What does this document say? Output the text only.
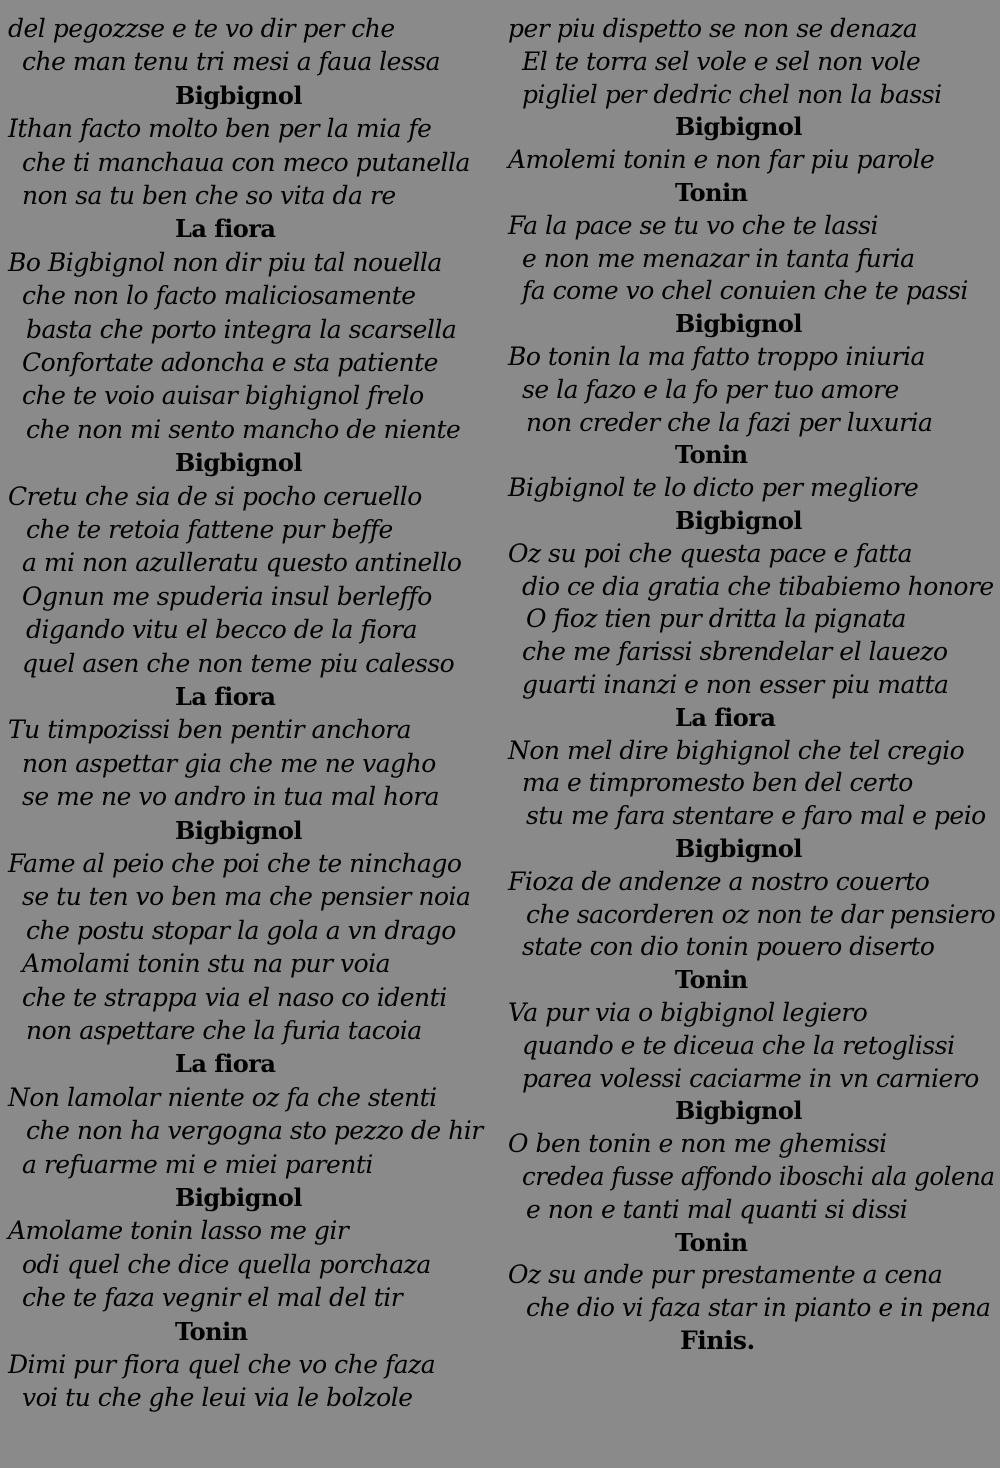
del pegozzse e te vo dir per che
che man tenu tri mesi a faua lessa
Bigbignol
Ithan facto molto ben per la mia fe
che ti manchaua con meco putanella
non sa tu ben che so vita da re
La fiora
Bo Bigbignol non dir piu tal nouella
che non lo facto maliciosamente
basta che porto integra la scarsella
Confortate adoncha e sta patiente
che te voio auisar bighignol frelo
che non mi sento mancho de niente
Bigbignol
Cretu che sia de si pocho ceruello
che te retoia fattene pur beffe
a mi non azulleratu questo antinello
Ognun me spuderia insul berleffo
digando vitu el becco de la fiora
quel asen che non teme piu calesso
La fiora
Tu timpozissi ben pentir anchora
non aspettar gia che me ne vagho
se me ne vo andro in tua mal hora
Bigbignol
Fame al peio che poi che te ninchago
se tu ten vo ben ma che pensier noia
che postu stopar la gola a vn drago
Amolami tonin stu na pur voia
che te strappa via el naso co identi
non aspettare che la furia tacoia
La fiora
Non lamolar niente oz fa che stenti
che non ha vergogna sto pezzo de hir
a refuarme mi e miei parenti
Bigbignol
Amolame tonin lasso me gir
odi quel che dice quella porchaza
che te faza vegnir el mal del tir
Tonin
Dimi pur fiora quel che vo che faza
voi tu che ghe leui via le bolzole
per piu dispetto se non se denaza
El te torra sel vole e sel non vole
pigliel per dedric chel non la bassi
Bigbignol
Amolemi tonin e non far piu parole
Tonin
Fa la pace se tu vo che te lassi
e non me menazar in tanta furia
fa come vo chel conuien che te passi
Bigbignol
Bo tonin la ma fatto troppo iniuria
se la fazo e la fo per tuo amore
non creder che la fazi per luxuria
Tonin
Bigbignol te lo dicto per megliore
Bigbignol
Oz su poi che questa pace e fatta
dio ce dia gratia che tibabiemo honore
O fioz tien pur dritta la pignata
che me farissi sbrendelar el lauezo
guarti inanzi e non esser piu matta
La fiora
Non mel dire bighignol che tel cregio
ma e timpromesto ben del certo
stu me fara stentare e faro mal e peio
Bigbignol
Fioza de andenze a nostro couerto
che sacorderen oz non te dar pensiero
state con dio tonin pouero diserto
Tonin
Va pur via o bigbignol legiero
quando e te diceua che la retoglissi
parea volessi caciarme in vn carniero
Bigbignol
O ben tonin e non me ghemissi
credea fusse affondo iboschi ala golena
e non e tanti mal quanti si dissi
Tonin
Oz su ande pur prestamente a cena
che dio vi faza star in pianto e in pena
Finis.
